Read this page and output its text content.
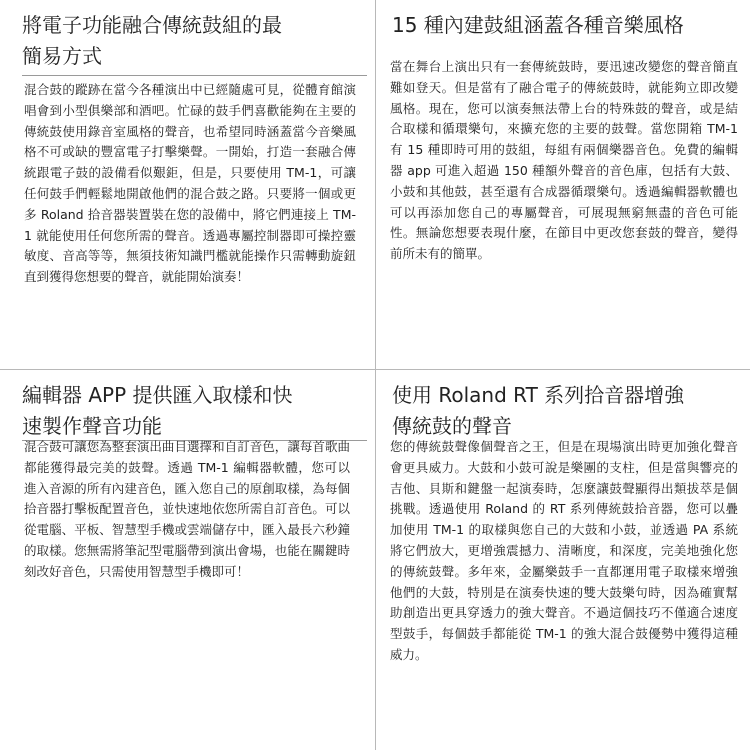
將電子功能融合傳統鼓組的最
簡易方式

混合鼓的蹤跡在當今各種演出中已經隨處可見，從體育館演唱會到小型俱樂部和酒吧。忙碌的鼓手們喜歡能夠在主要的傳統鼓使用錄音室風格的聲音，也希望同時涵蓋當今音樂風格不可或缺的豐富電子打擊樂聲。一開始，打造一套融合傳統跟電子鼓的設備看似艱鉅，但是，只要使用 TM-1，可讓任何鼓手們輕鬆地開啟他們的混合鼓之路。只要將一個或更多 Roland 拾音器裝置裝在您的設備中，將它們連接上 TM-1 就能使用任何您所需的聲音。透過專屬控制器即可操控靈敏度、音高等等，無須技術知識門檻就能操作只需轉動旋鈕直到獲得您想要的聲音，就能開始演奏！

15 種內建鼓組涵蓋各種音樂風格

當在舞台上演出只有一套傳統鼓時，要迅速改變您的聲音簡直難如登天。但是當有了融合電子的傳統鼓時，就能夠立即改變風格。現在，您可以演奏無法帶上台的特殊鼓的聲音，或是結合取樣和循環樂句，來擴充您的主要的鼓聲。當您開箱 TM-1 有 15 種即時可用的鼓組，每組有兩個樂器音色。免費的編輯器 app 可進入超過 150 種額外聲音的音色庫，包括有大鼓、小鼓和其他鼓，甚至還有合成器循環樂句。透過編輯器軟體也可以再添加您自己的專屬聲音，可展現無窮無盡的音色可能性。無論您想要表現什麼，在節目中更改您套鼓的聲音，變得前所未有的簡單。

編輯器 APP 提供匯入取樣和快
速製作聲音功能

混合鼓可讓您為整套演出曲目選擇和自訂音色，讓每首歌曲都能獲得最完美的鼓聲。透過 TM-1 編輯器軟體，您可以進入音源的所有內建音色，匯入您自己的原創取樣，為每個拾音器打擊板配置音色，並快速地依您所需自訂音色。可以從電腦、平板、智慧型手機或雲端儲存中，匯入最長六秒鐘的取樣。您無需將筆記型電腦帶到演出會場，也能在關鍵時刻改好音色，只需使用智慧型手機即可！

使用 Roland RT 系列拾音器增強
傳統鼓的聲音

您的傳統鼓聲像個聲音之王，但是在現場演出時更加強化聲音會更具威力。大鼓和小鼓可說是樂團的支柱，但是當與響亮的吉他、貝斯和鍵盤一起演奏時，怎麼讓鼓聲顯得出類拔萃是個挑戰。透過使用 Roland 的 RT 系列傳統鼓拾音器，您可以疊加使用 TM-1 的取樣與您自己的大鼓和小鼓，並透過 PA 系統將它們放大，更增強震撼力、清晰度，和深度，完美地強化您的傳統鼓聲。多年來，金屬樂鼓手一直都運用電子取樣來增強他們的大鼓，特別是在演奏快速的雙大鼓樂句時，因為確實幫助創造出更具穿透力的強大聲音。不過這個技巧不僅適合速度型鼓手，每個鼓手都能從 TM-1 的強大混合鼓優勢中獲得這種威力。
